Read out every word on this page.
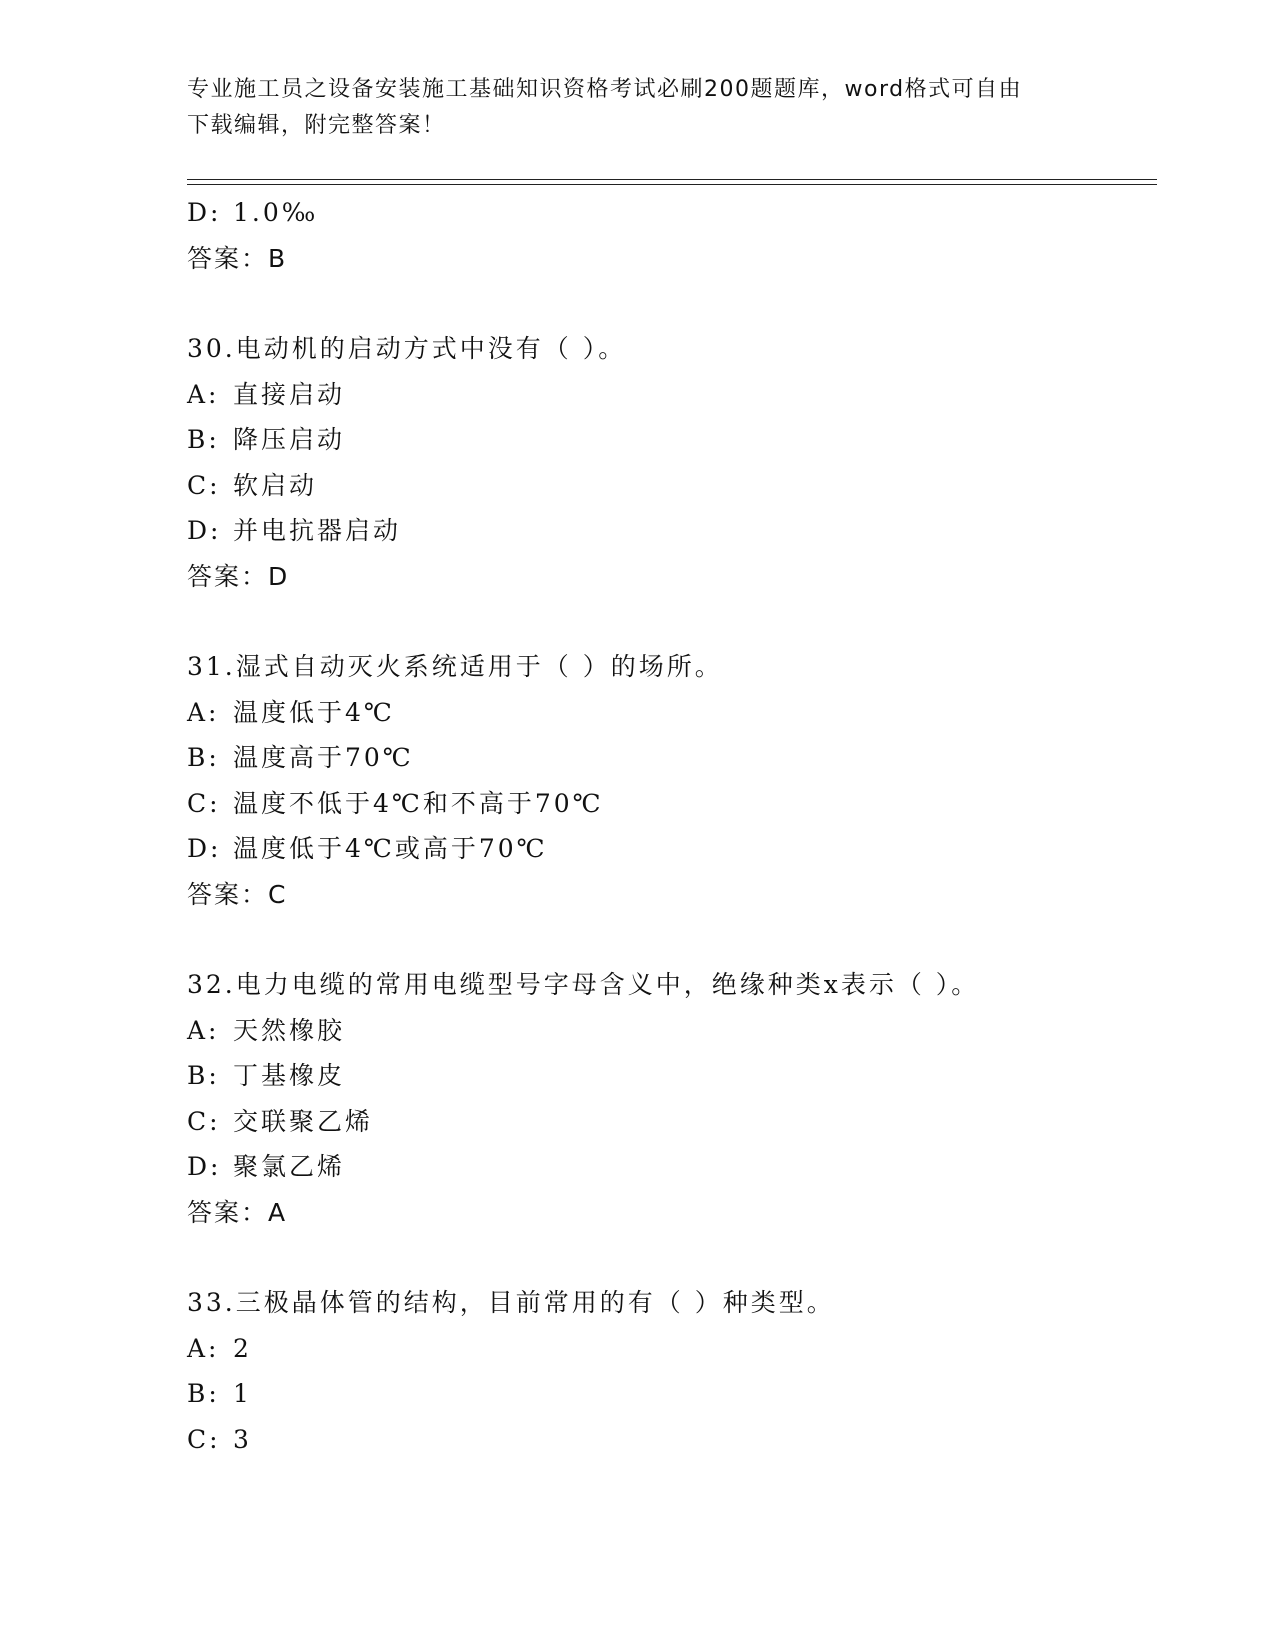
专业施工员之设备安装施工基础知识资格考试必刷200题题库，word格式可自由
下载编辑，附完整答案！
D: 1.0‰
答案：B
30.电动机的启动方式中没有（ ）。
A: 直接启动
B: 降压启动
C: 软启动
D: 并电抗器启动
答案：D
31.湿式自动灭火系统适用于（ ）的场所。
A: 温度低于4℃
B: 温度高于70℃
C: 温度不低于4℃和不高于70℃
D: 温度低于4℃或高于70℃
答案：C
32.电力电缆的常用电缆型号字母含义中，绝缘种类x表示（ ）。
A: 天然橡胶
B: 丁基橡皮
C: 交联聚乙烯
D: 聚氯乙烯
答案：A
33.三极晶体管的结构，目前常用的有（ ）种类型。
A: 2
B: 1
C: 3
